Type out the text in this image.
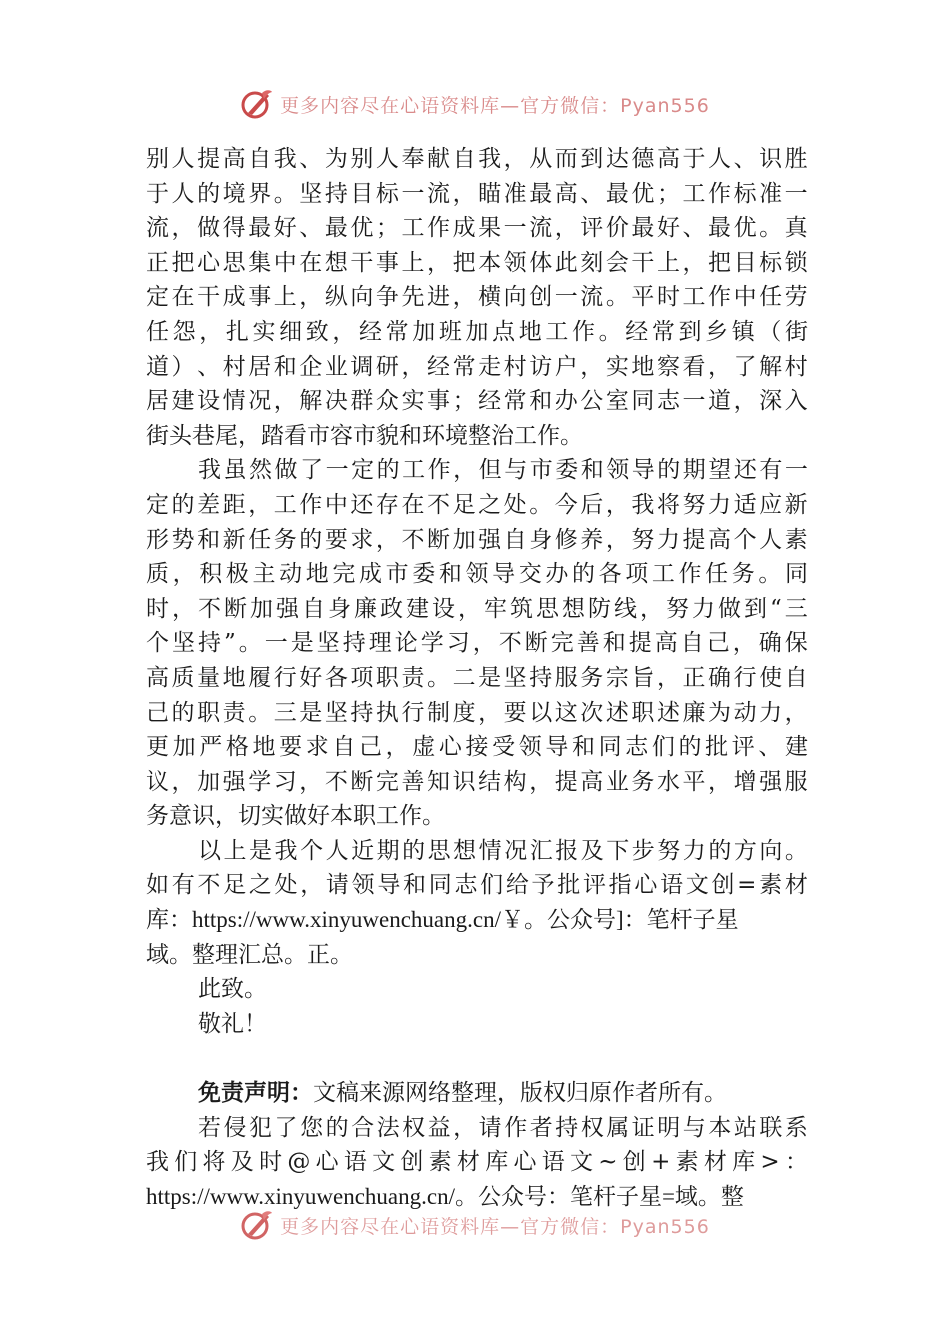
更多内容尽在心语资料库—官方微信：Pyan556
别 人 提 高 自 我 、 为 别 人 奉 献 自 我 ， 从 而 到 达 德 高 于 人 、 识 胜
于 人 的 境 界 。 坚 持 目 标 一 流 ， 瞄 准 最 高 、 最 优 ； 工 作 标 准 一
流 ， 做 得 最 好 、 最 优 ； 工 作 成 果 一 流 ， 评 价 最 好 、 最 优 。 真
正 把 心 思 集 中 在 想 干 事 上 ， 把 本 领 体 此 刻 会 干 上 ， 把 目 标 锁
定 在 干 成 事 上 ， 纵 向 争 先 进 ， 横 向 创 一 流 。 平 时 工 作 中 任 劳
任 怨 ， 扎 实 细 致 ， 经 常 加 班 加 点 地 工 作 。 经 常 到 乡 镇 （ 街
道 ） 、 村 居 和 企 业 调 研 ， 经 常 走 村 访 户 ， 实 地 察 看 ， 了 解 村
居 建 设 情 况 ， 解 决 群 众 实 事 ； 经 常 和 办 公 室 同 志 一 道 ， 深 入
街头巷尾，踏看市容市貌和环境整治工作。
我 虽 然 做 了 一 定 的 工 作 ， 但 与 市 委 和 领 导 的 期 望 还 有 一
定 的 差 距 ， 工 作 中 还 存 在 不 足 之 处 。 今 后 ， 我 将 努 力 适 应 新
形 势 和 新 任 务 的 要 求 ， 不 断 加 强 自 身 修 养 ， 努 力 提 高 个 人 素
质 ， 积 极 主 动 地 完 成 市 委 和 领 导 交 办 的 各 项 工 作 任 务 。 同
时 ， 不 断 加 强 自 身 廉 政 建 设 ， 牢 筑 思 想 防 线 ， 努 力 做 到 “ 三
个 坚 持 ” 。 一 是 坚 持 理 论 学 习 ， 不 断 完 善 和 提 高 自 己 ， 确 保
高 质 量 地 履 行 好 各 项 职 责 。 二 是 坚 持 服 务 宗 旨 ， 正 确 行 使 自
己 的 职 责 。 三 是 坚 持 执 行 制 度 ， 要 以 这 次 述 职 述 廉 为 动 力 ，
更 加 严 格 地 要 求 自 己 ， 虚 心 接 受 领 导 和 同 志 们 的 批 评 、 建
议 ， 加 强 学 习 ， 不 断 完 善 知 识 结 构 ， 提 高 业 务 水 平 ， 增 强 服
务意识，切实做好本职工作。
以 上 是 我 个 人 近 期 的 思 想 情 况 汇 报 及 下 步 努 力 的 方 向 。
如 有 不 足 之 处 ， 请 领 导 和 同 志 们 给 予 批 评 指 心 语 文 创 = 素 材
库：https://www.xinyuwenchuang.cn/￥。公众号]：笔杆子星
域。整理汇总。正。
此致。
敬礼！
免责声明： 文稿来源网络整理，版权归原作者所有。
若 侵 犯 了 您 的 合 法 权 益 ， 请 作 者 持 权 属 证 明 与 本 站 联 系
我 们 将 及 时 @ 心 语 文 创 素 材 库 心 语 文 ~ 创 + 素 材 库 > ：
https://www.xinyuwenchuang.cn/。公众号：笔杆子星=域。整
更多内容尽在心语资料库—官方微信：Pyan556
